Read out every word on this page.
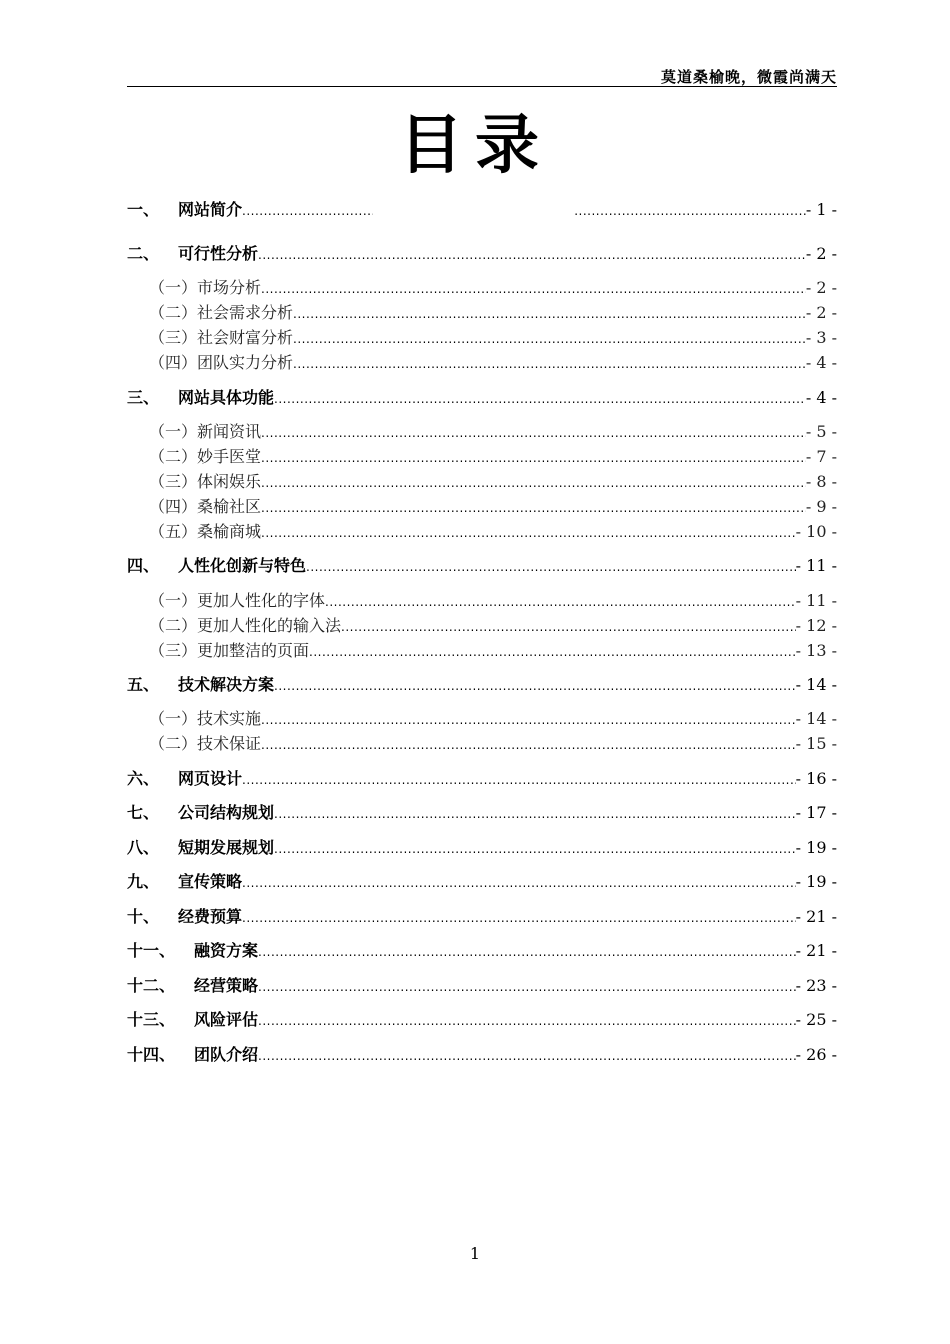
莫道桑榆晚，微霞尚满天
目录
一、	网站简介 .....	- 1 -
二、	可行性分析 .....	- 2 -
（一） 市场分析 .....	- 2 -
（二） 社会需求分析 .....	- 2 -
（三） 社会财富分析 .....	- 3 -
（四） 团队实力分析 .....	- 4 -
三、	网站具体功能 .....	- 4 -
（一） 新闻资讯 .....	- 5 -
（二） 妙手医堂 .....	- 7 -
（三） 体闲娱乐 .....	- 8 -
（四） 桑榆社区 .....	- 9 -
（五） 桑榆商城 .....	- 10 -
四、	人性化创新与特色 .....	- 11 -
（一） 更加人性化的字体 .....	- 11 -
（二） 更加人性化的输入法 .....	- 12 -
（三） 更加整洁的页面 .....	- 13 -
五、	技术解决方案 .....	- 14 -
（一） 技术实施 .....	- 14 -
（二） 技术保证 .....	- 15 -
六、	网页设计 .....	- 16 -
七、	公司结构规划 .....	- 17 -
八、	短期发展规划 .....	- 19 -
九、	宣传策略 .....	- 19 -
十、	经费预算 .....	- 21 -
十一、	融资方案 .....	- 21 -
十二、	经营策略 .....	- 23 -
十三、	风险评估 .....	- 25 -
十四、	团队介绍 .....	- 26 -
1
